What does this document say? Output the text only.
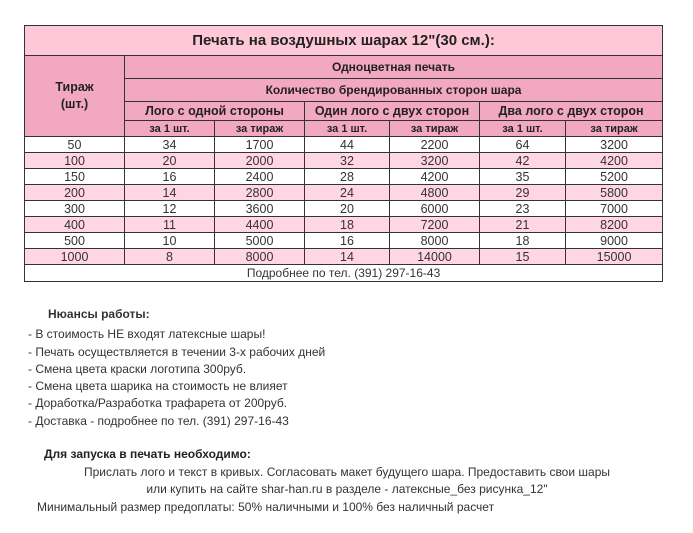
Печать на воздушных шарах 12"(30 см.):						

Тираж
(шт.)	Одноцветная печать					
	Количество брендированных сторон шара					
	Лого с одной стороны		Один лого с двух сторон		Два лого с двух сторон	
	за 1 шт.	за тираж	за 1 шт.	за тираж	за 1 шт.	за тираж
50	34	1700	44	2200	64	3200
100	20	2000	32	3200	42	4200
150	16	2400	28	4200	35	5200
200	14	2800	24	4800	29	5800
300	12	3600	20	6000	23	7000
400	11	4400	18	7200	21	8200
500	10	5000	16	8000	18	9000
1000	8	8000	14	14000	15	15000
Подробнее по тел. (391) 297-16-43						
Нюансы работы:
- В стоимость НЕ входят латексные шары!
- Печать осуществляется в течении 3-х рабочих дней
- Смена цвета краски логотипа 300руб.
- Смена цвета шарика на стоимость не влияет
- Доработка/Разработка трафарета от 200руб.
- Доставка - подробнее по тел. (391) 297-16-43
Для запуска в печать необходимо:
Прислать лого и текст в кривых. Согласовать макет будущего шара. Предоставить свои шары
или купить на сайте shar-han.ru в разделе - латексные_без рисунка_12"
Минимальный размер предоплаты: 50% наличными и 100% без наличный расчет
